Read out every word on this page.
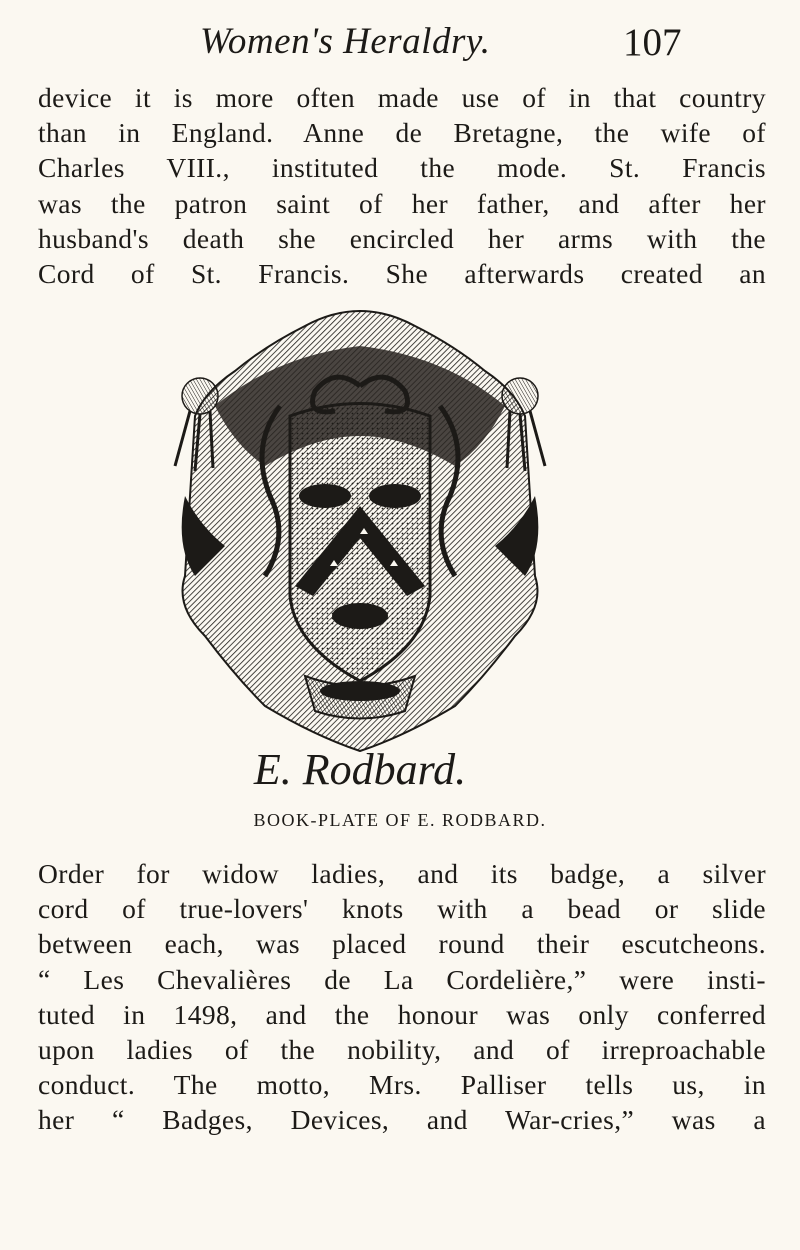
Women's Heraldry.	107
device it is more often made use of in that country
than in England. Anne de Bretagne, the wife of
Charles VIII., instituted the mode. St. Francis
was the patron saint of her father, and after her
husband's death she encircled her arms with the
Cord of St. Francis. She afterwards created an
E. Rodbard.
BOOK-PLATE OF E. RODBARD.
Order for widow ladies, and its badge, a silver
cord of true-lovers' knots with a bead or slide
between each, was placed round their escutcheons.
“ Les Chevalières de La Cordelière,” were insti-
tuted in 1498, and the honour was only conferred
upon ladies of the nobility, and of irreproachable
conduct. The motto, Mrs. Palliser tells us, in
her “ Badges, Devices, and War-cries,” was a
